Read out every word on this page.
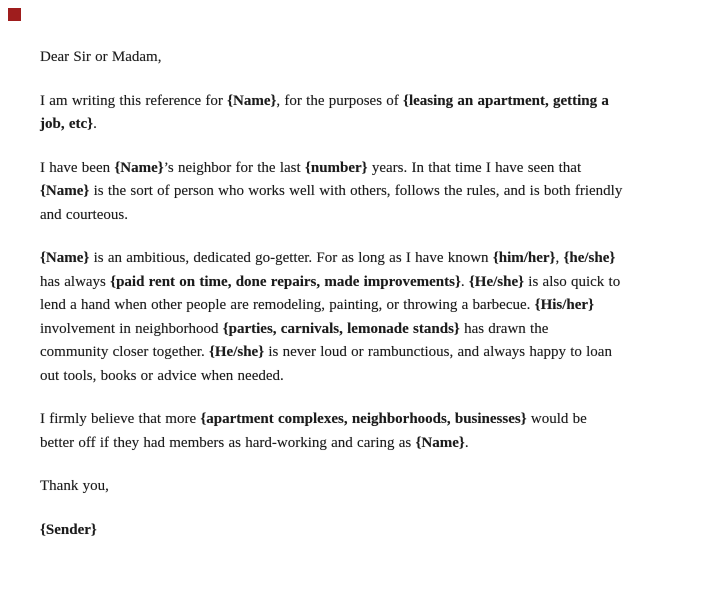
Dear Sir or Madam,

I am writing this reference for {Name}, for the purposes of {leasing an apartment, getting a
job, etc}.

I have been {Name}’s neighbor for the last {number} years. In that time I have seen that
{Name} is the sort of person who works well with others, follows the rules, and is both friendly
and courteous.

{Name} is an ambitious, dedicated go-getter. For as long as I have known {him/her}, {he/she}
has always {paid rent on time, done repairs, made improvements}. {He/she} is also quick to
lend a hand when other people are remodeling, painting, or throwing a barbecue. {His/her}
involvement in neighborhood {parties, carnivals, lemonade stands} has drawn the
community closer together. {He/she} is never loud or rambunctious, and always happy to loan
out tools, books or advice when needed.

I firmly believe that more {apartment complexes, neighborhoods, businesses} would be
better off if they had members as hard-working and caring as {Name}.

Thank you,

{Sender}
